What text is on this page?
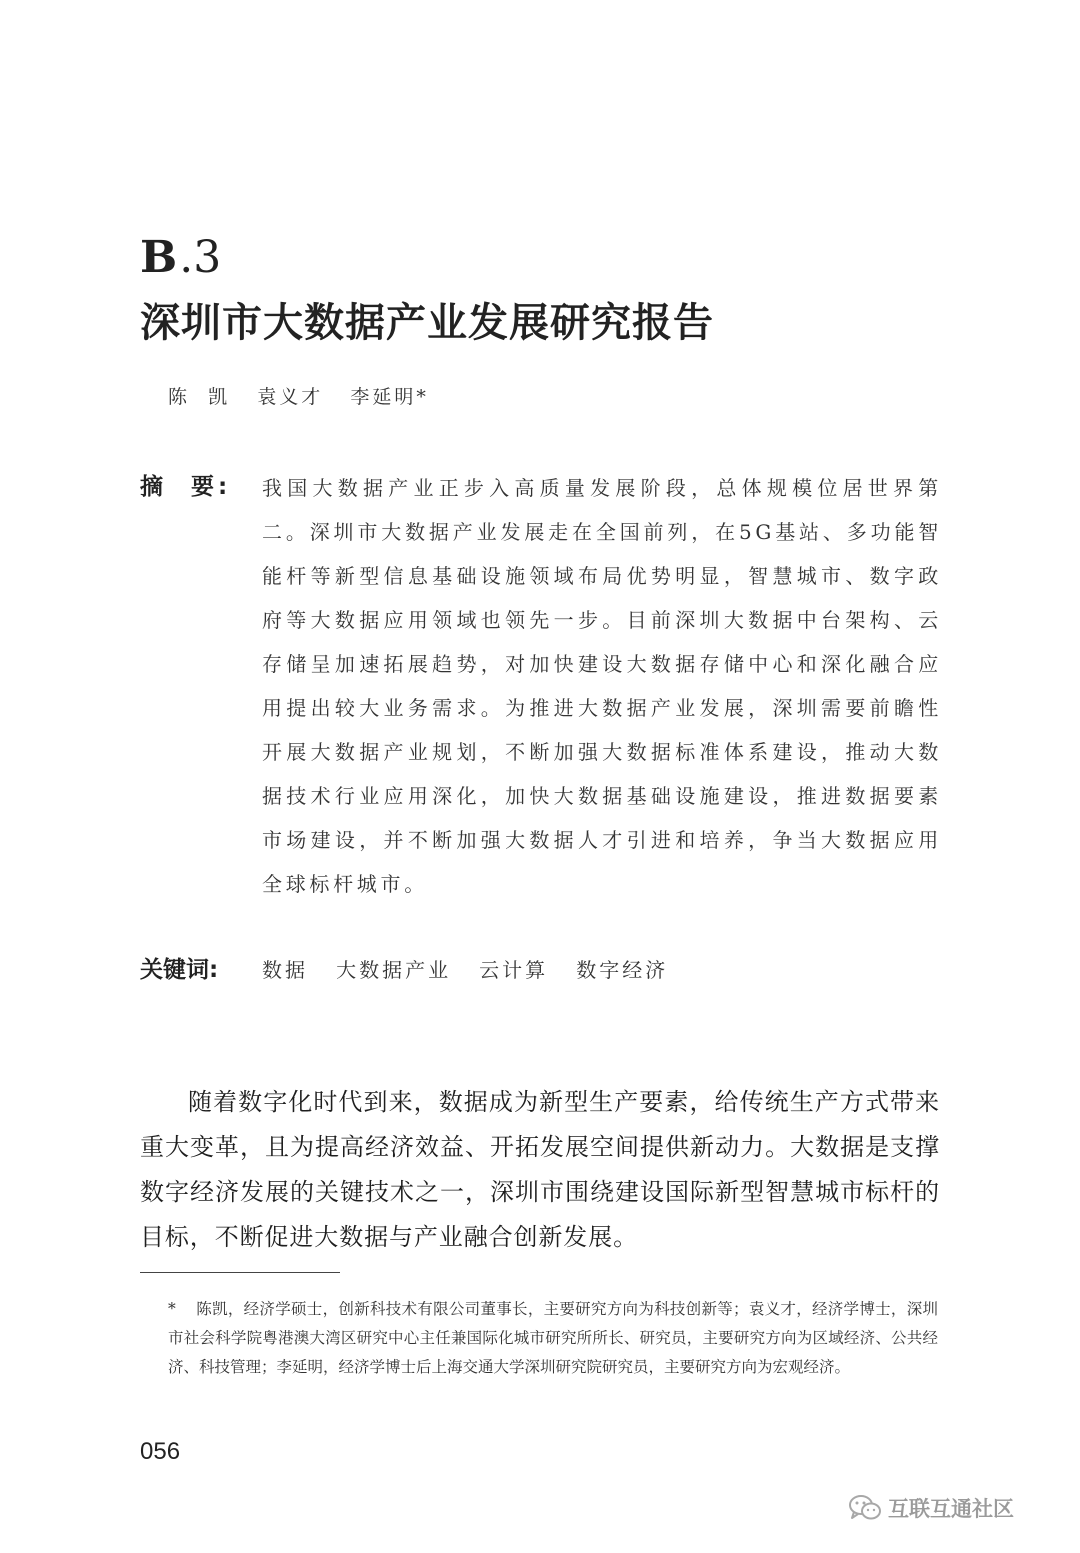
B.3
深圳市大数据产业发展研究报告
陈  凯   袁义才   李延明*
摘  要: 我国大数据产业正步入高质量发展阶段，总体规模位居世界第二。深圳市大数据产业发展走在全国前列，在5G基站、多功能智能杆等新型信息基础设施领域布局优势明显，智慧城市、数字政府等大数据应用领域也领先一步。目前深圳大数据中台架构、云存储呈加速拓展趋势，对加快建设大数据存储中心和深化融合应用提出较大业务需求。为推进大数据产业发展，深圳需要前瞻性开展大数据产业规划，不断加强大数据标准体系建设，推动大数据技术行业应用深化，加快大数据基础设施建设，推进数据要素市场建设，并不断加强大数据人才引进和培养，争当大数据应用全球标杆城市。

关键词: 数据   大数据产业   云计算   数字经济

随着数字化时代到来，数据成为新型生产要素，给传统生产方式带来重大变革，且为提高经济效益、开拓发展空间提供新动力。大数据是支撑数字经济发展的关键技术之一，深圳市围绕建设国际新型智慧城市标杆的目标，不断促进大数据与产业融合创新发展。

* 陈凯，经济学硕士，创新科技术有限公司董事长，主要研究方向为科技创新等；袁义才，经济学博士，深圳市社会科学院粤港澳大湾区研究中心主任兼国际化城市研究所所长、研究员，主要研究方向为区域经济、公共经济、科技管理；李延明，经济学博士后上海交通大学深圳研究院研究员，主要研究方向为宏观经济。
056
互联互通社区
